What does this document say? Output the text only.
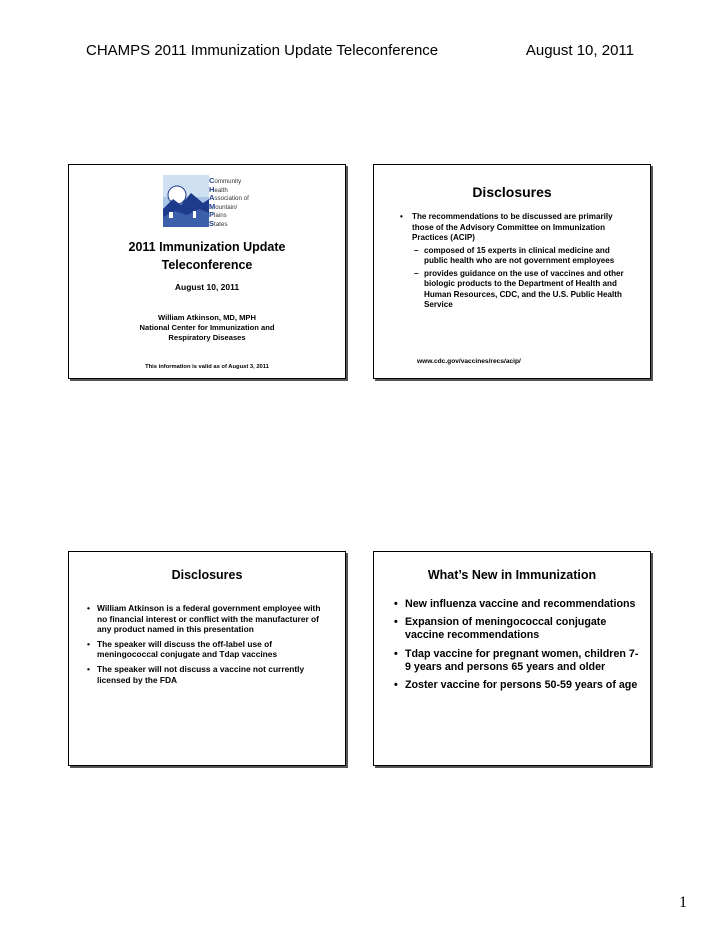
CHAMPS 2011 Immunization Update Teleconference	August 10, 2011
Community
Health
Association of
Mountain/
Plains
States
2011 Immunization Update
Teleconference
August 10, 2011
William Atkinson, MD, MPH
National Center for Immunization and
Respiratory Diseases
This information is valid as of August 3, 2011
Disclosures
• The recommendations to be discussed are primarily those of the Advisory Committee on Immunization Practices (ACIP)
– composed of 15 experts in clinical medicine and public health who are not government employees
– provides guidance on the use of vaccines and other biologic products to the Department of Health and Human Resources, CDC, and the U.S. Public Health Service
www.cdc.gov/vaccines/recs/acip/
Disclosures
• William Atkinson is a federal government employee with no financial interest or conflict with the manufacturer of any product named in this presentation
• The speaker will discuss the off-label use of meningococcal conjugate and Tdap vaccines
• The speaker will not discuss a vaccine not currently licensed by the FDA
What’s New in Immunization
• New influenza vaccine and recommendations
• Expansion of meningococcal conjugate vaccine recommendations
• Tdap vaccine for pregnant women, children 7-9 years and persons 65 years and older
• Zoster vaccine for persons 50-59 years of age
1
